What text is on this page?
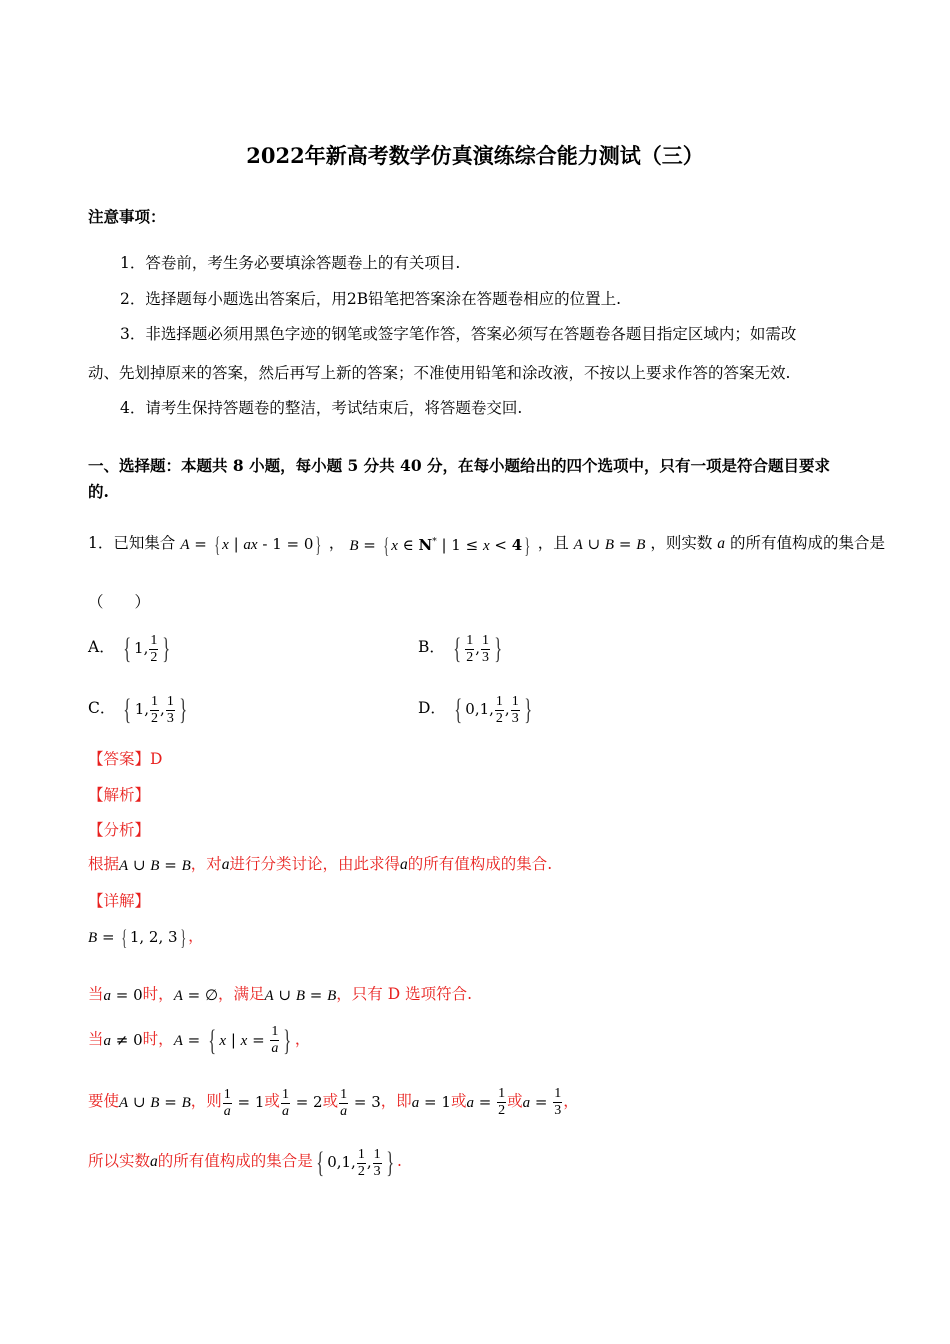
2022年新高考数学仿真演练综合能力测试（三）
注意事项：
1．答卷前，考生务必要填涂答题卷上的有关项目.
2．选择题每小题选出答案后，用2B铅笔把答案涂在答题卷相应的位置上.
3．非选择题必须用黑色字迹的钢笔或签字笔作答，答案必须写在答题卷各题目指定区域内；如需改
动、先划掉原来的答案，然后再写上新的答案；不准使用铅笔和涂改液，不按以上要求作答的答案无效.
4．请考生保持答题卷的整洁，考试结束后，将答题卷交回.
一、选择题：本题共 8 小题，每小题 5 分共 40 分，在每小题给出的四个选项中，只有一项是符合题目要求
的.
1．已知集合 A = { x | ax - 1 = 0 } ， B = { x ∈ N* | 1 ≤ x < 4 } ，且 A ∪ B = B ，则实数 a 的所有值构成的集合是
（　　）
A． { 1, $\frac{1}{2}$ }	B． { $\frac{1}{2}$ , $\frac{1}{3}$ }
C． { 1, $\frac{1}{2}$ , $\frac{1}{3}$ }	D． { 0,1, $\frac{1}{2}$ , $\frac{1}{3}$ }
【答案】D
【解析】
【分析】
根据A ∪ B = B，对a进行分类讨论，由此求得a的所有值构成的集合.
【详解】
B = { 1, 2, 3 } ，
当a = 0时，A = ∅，满足A ∪ B = B，只有 D 选项符合.
当a ≠ 0时，A = { x | $x = \frac{1}{a}$ } ，
要使A ∪ B = B，则 $\frac{1}{a} = 1$或 $\frac{1}{a} = 2$或 $\frac{1}{a} = 3$，即a = 1或$a = \frac{1}{2}$ 或$a = \frac{1}{3}$ ，
所以实数a的所有值构成的集合是 { 0,1, $\frac{1}{2}$ , $\frac{1}{3}$ } .
